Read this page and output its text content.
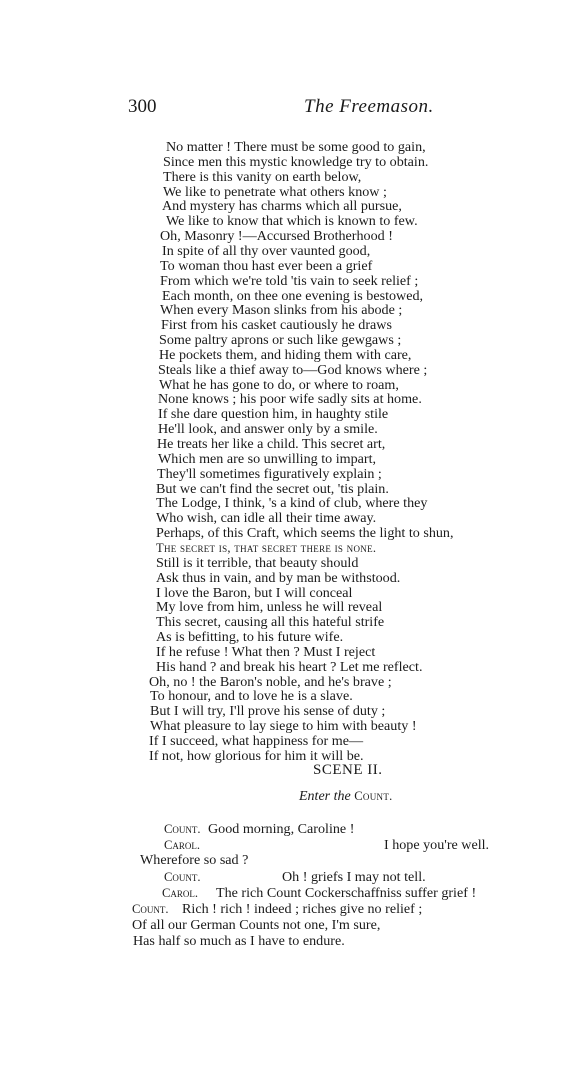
300	The Freemason.
No matter ! There must be some good to gain,
Since men this mystic knowledge try to obtain.
There is this vanity on earth below,
We like to penetrate what others know ;
And mystery has charms which all pursue,
We like to know that which is known to few.
Oh, Masonry !—Accursed Brotherhood !
In spite of all thy over vaunted good,
To woman thou hast ever been a grief
From which we're told 'tis vain to seek relief ;
Each month, on thee one evening is bestowed,
When every Mason slinks from his abode ;
First from his casket cautiously he draws
Some paltry aprons or such like gewgaws ;
He pockets them, and hiding them with care,
Steals like a thief away to—God knows where ;
What he has gone to do, or where to roam,
None knows ; his poor wife sadly sits at home.
If she dare question him, in haughty stile
He'll look, and answer only by a smile.
He treats her like a child. This secret art,
Which men are so unwilling to impart,
They'll sometimes figuratively explain ;
But we can't find the secret out, 'tis plain.
The Lodge, I think, 's a kind of club, where they
Who wish, can idle all their time away.
Perhaps, of this Craft, which seems the light to shun,
The secret is, that secret there is none.
Still is it terrible, that beauty should
Ask thus in vain, and by man be withstood.
I love the Baron, but I will conceal
My love from him, unless he will reveal
This secret, causing all this hateful strife
As is befitting, to his future wife.
If he refuse ! What then ? Must I reject
His hand ? and break his heart ? Let me reflect.
Oh, no ! the Baron's noble, and he's brave ;
To honour, and to love he is a slave.
But I will try, I'll prove his sense of duty ;
What pleasure to lay siege to him with beauty !
If I succeed, what happiness for me—
If not, how glorious for him it will be.
SCENE II.
Enter the Count.
Count. Good morning, Caroline !
Carol.	I hope you're well.
Wherefore so sad ?
Count.	Oh ! griefs I may not tell.
Carol. The rich Count Cockerschaffniss suffer grief !
Count. Rich ! rich ! indeed ; riches give no relief ;
Of all our German Counts not one, I'm sure,
Has half so much as I have to endure.
